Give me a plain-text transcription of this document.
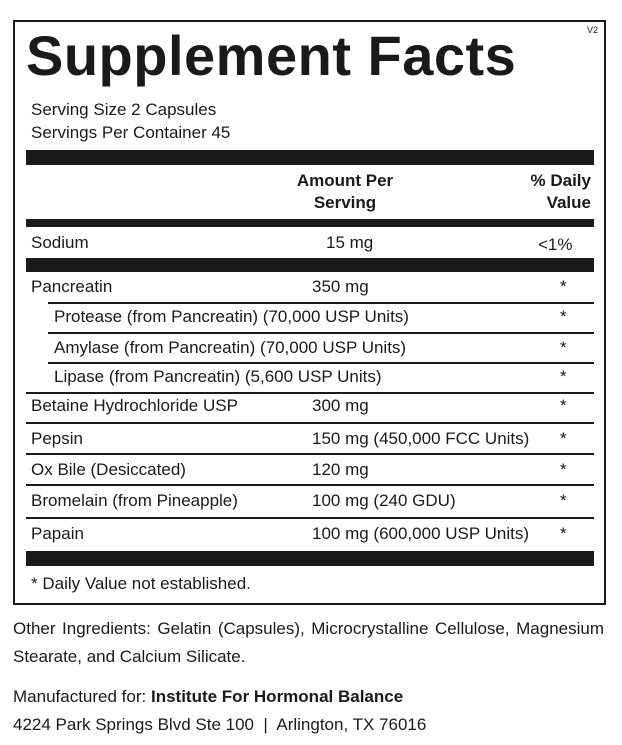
V2
Supplement Facts
Serving Size 2 Capsules
Servings Per Container 45
Amount Per
Serving
% Daily
Value
Sodium	15 mg	<1%
Pancreatin	350 mg	*
Protease (from Pancreatin) (70,000 USP Units)	*
Amylase (from Pancreatin) (70,000 USP Units)	*
Lipase (from Pancreatin) (5,600 USP Units)	*
Betaine Hydrochloride USP	300 mg	*
Pepsin	150 mg (450,000 FCC Units) *
Ox Bile (Desiccated)	120 mg	*
Bromelain (from Pineapple)	100 mg (240 GDU)	*
Papain	100 mg (600,000 USP Units) *
* Daily Value not established.
Other Ingredients: Gelatin (Capsules), Microcrystalline Cellulose, Magnesium Stearate, and Calcium Silicate.
Manufactured for: Institute For Hormonal Balance
4224 Park Springs Blvd Ste 100  |  Arlington, TX 76016
